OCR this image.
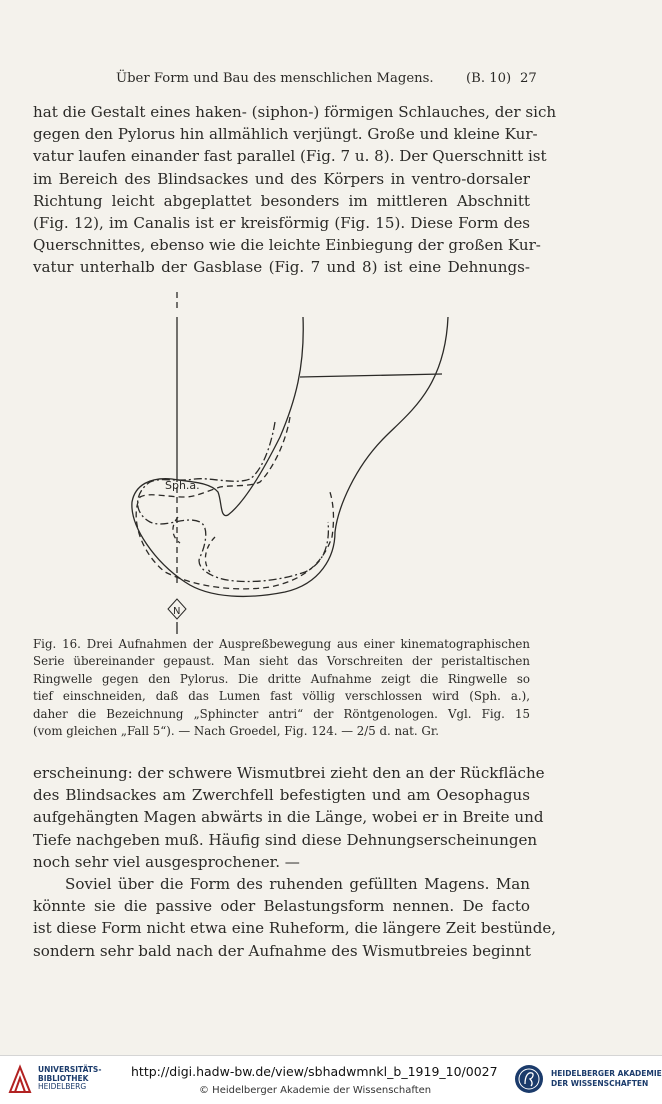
Über Form und Bau des menschlichen Magens. (B. 10) 27
hat die Gestalt eines haken- (siphon-) förmigen Schlauches, der sich
gegen den Pylorus hin allmählich verjüngt. Große und kleine Kur-
vatur laufen einander fast parallel (Fig. 7 u. 8). Der Querschnitt ist
im Bereich des Blindsackes und des Körpers in ventro-dorsaler
Richtung leicht abgeplattet besonders im mittleren Abschnitt
(Fig. 12), im Canalis ist er kreisförmig (Fig. 15). Diese Form des
Querschnittes, ebenso wie die leichte Einbiegung der großen Kur-
vatur unterhalb der Gasblase (Fig. 7 und 8) ist eine Dehnungs-
Sph.a.
N
Fig. 16. Drei Aufnahmen der Auspreßbewegung aus einer kinematographischen
Serie übereinander gepaust. Man sieht das Vorschreiten der peristaltischen
Ringwelle gegen den Pylorus. Die dritte Aufnahme zeigt die Ringwelle so
tief einschneiden, daß das Lumen fast völlig verschlossen wird (Sph. a.),
daher die Bezeichnung „Sphincter antri“ der Röntgenologen. Vgl. Fig. 15
(vom gleichen „Fall 5“). — Nach Groedel, Fig. 124. — 2/5 d. nat. Gr.
erscheinung: der schwere Wismutbrei zieht den an der Rückfläche
des Blindsackes am Zwerchfell befestigten und am Oesophagus
aufgehängten Magen abwärts in die Länge, wobei er in Breite und
Tiefe nachgeben muß. Häufig sind diese Dehnungserscheinungen
noch sehr viel ausgesprochener. —
Soviel über die Form des ruhenden gefüllten Magens. Man
könnte sie die passive oder Belastungsform nennen. De facto
ist diese Form nicht etwa eine Ruheform, die längere Zeit bestünde,
sondern sehr bald nach der Aufnahme des Wismutbreies beginnt
UNIVERSITÄTS-
BIBLIOTHEK
HEIDELBERG
http://digi.hadw-bw.de/view/sbhadwmnkl_b_1919_10/0027
© Heidelberger Akademie der Wissenschaften
HEIDELBERGER AKADEMIE
DER WISSENSCHAFTEN
